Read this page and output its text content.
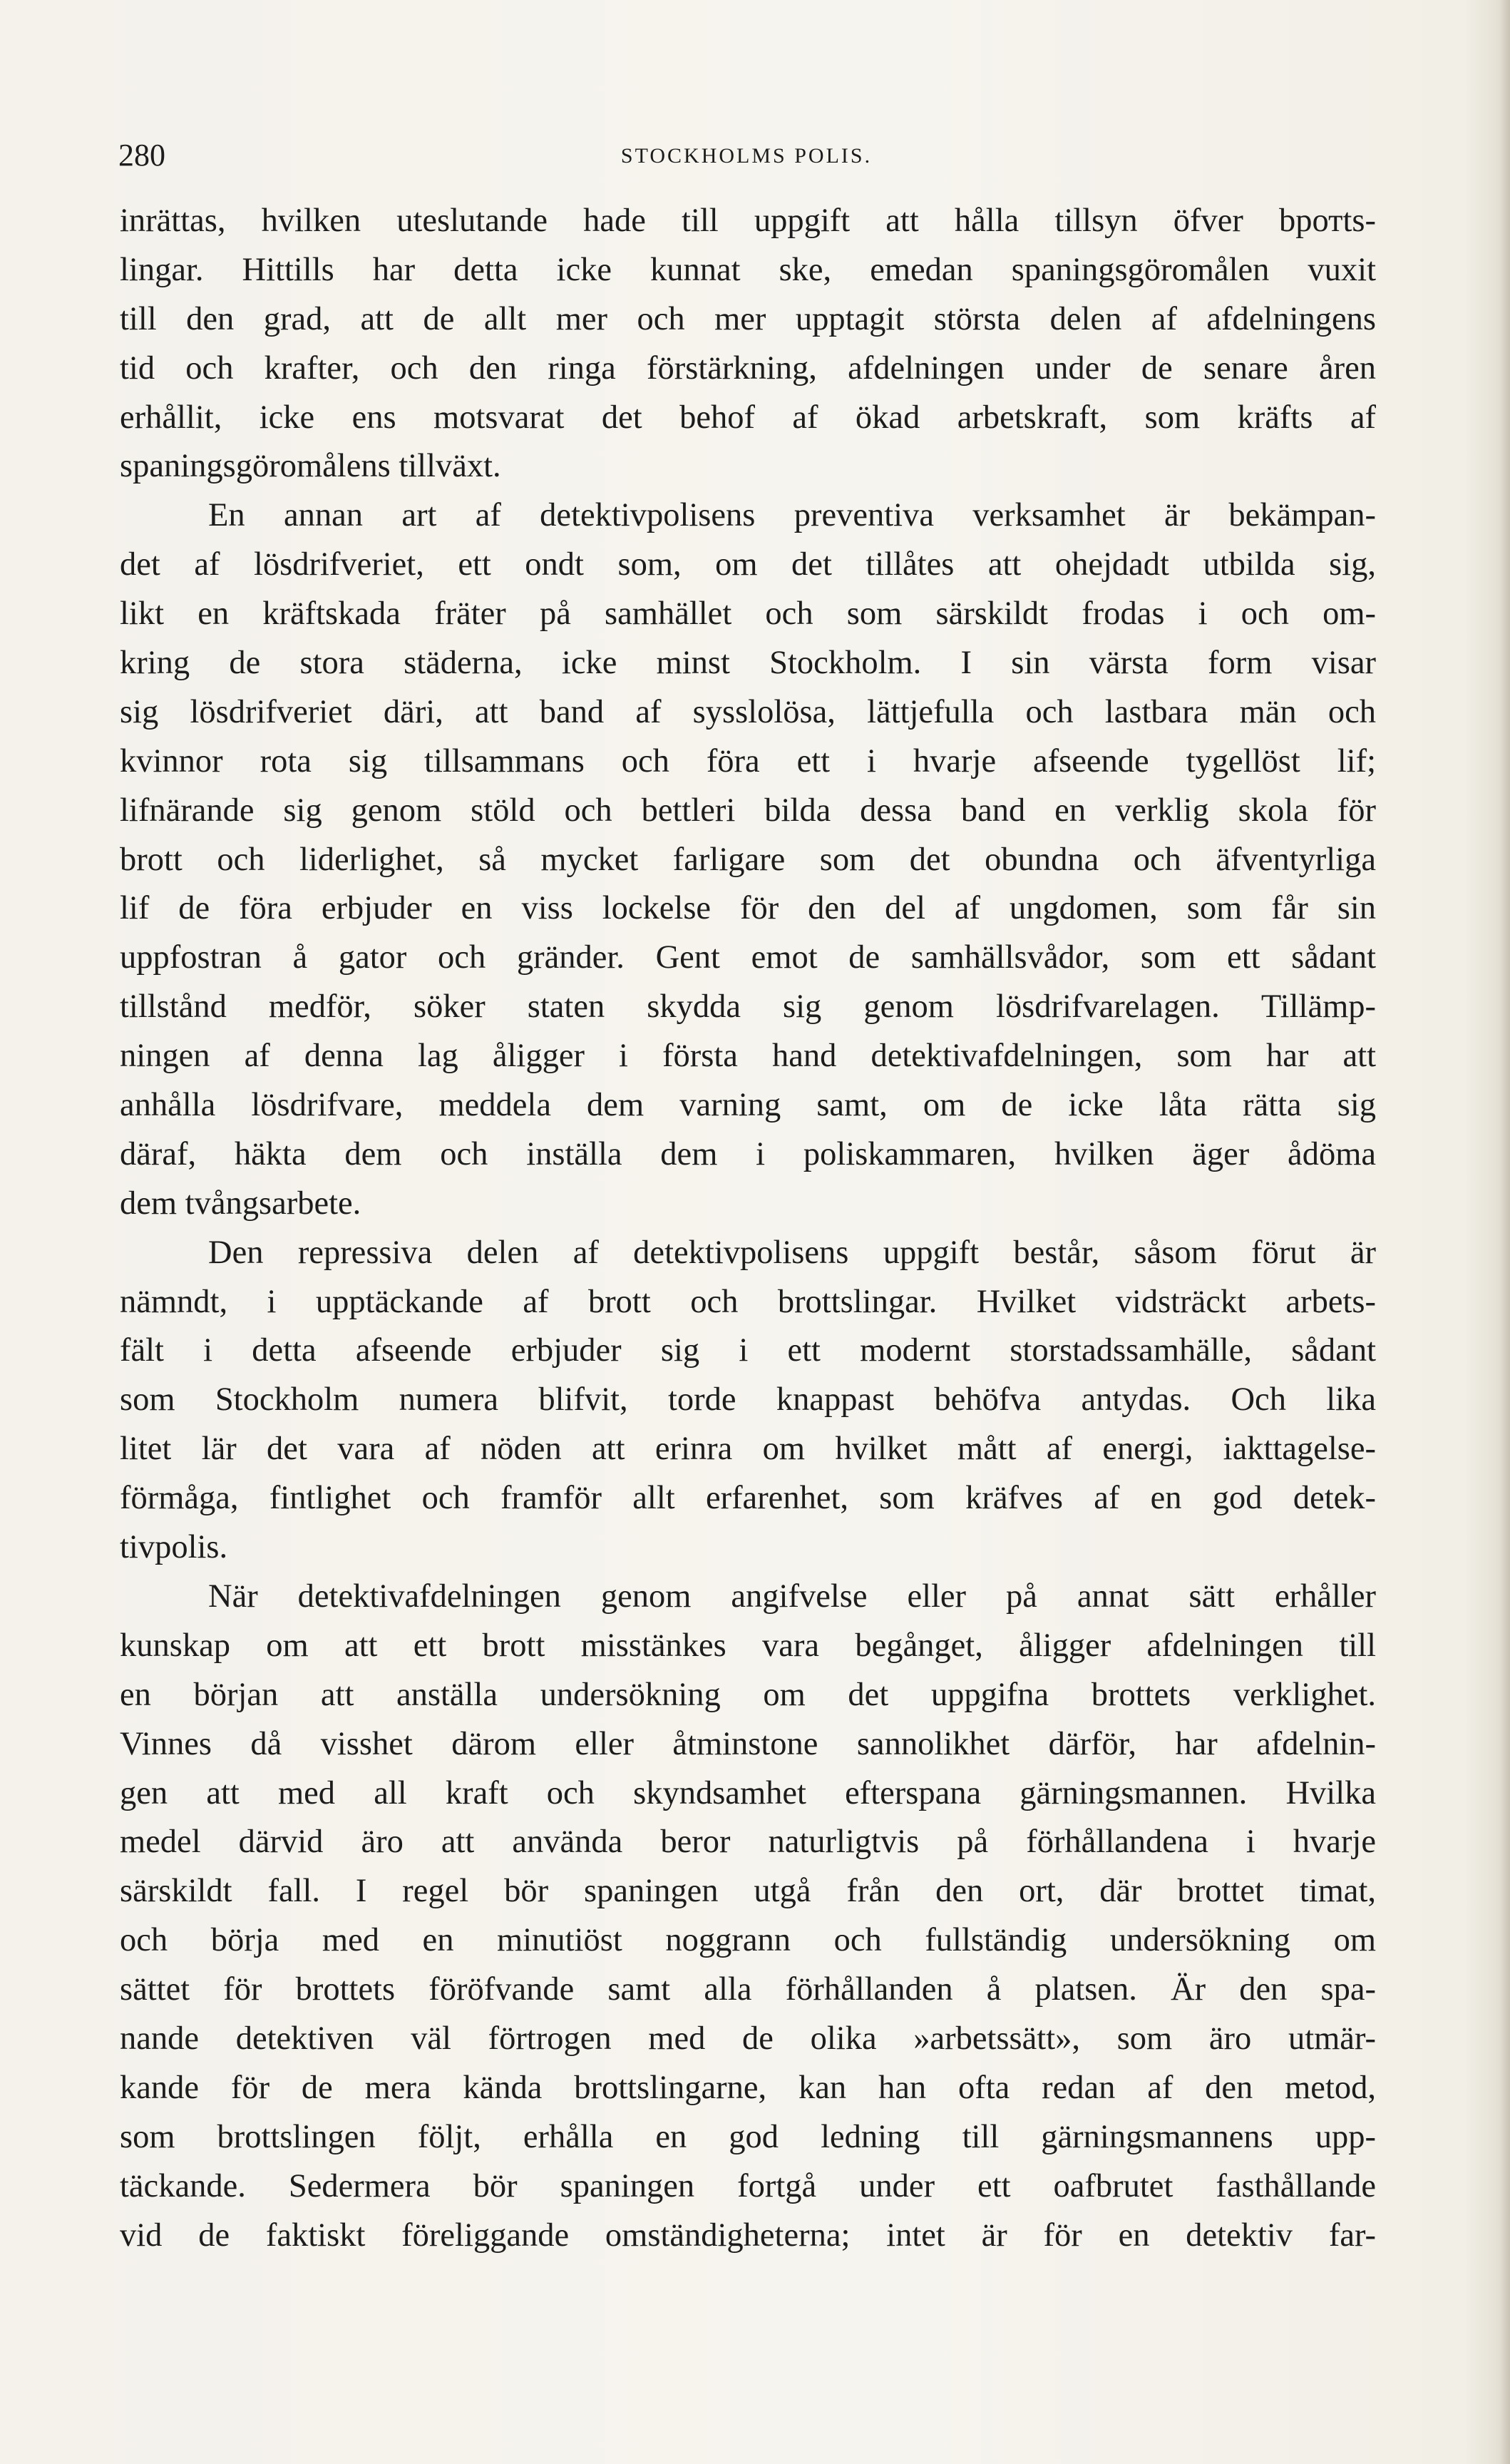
280	STOCKHOLMS POLIS.

inrättas, hvilken uteslutande hade till uppgift att hålla tillsyn öfver bротts-
lingar. Hittills har detta icke kunnat ske, emedan spaningsgöromålen vuxit
till den grad, att de allt mer och mer upptagit största delen af afdelningens
tid och krafter, och den ringa förstärkning, afdelningen under de senare åren
erhållit, icke ens motsvarat det behof af ökad arbetskraft, som kräfts af
spaningsgöromålens tillväxt.

En annan art af detektivpolisens preventiva verksamhet är bekämpan-
det af lösdrifveriet, ett ondt som, om det tillåtes att ohejdadt utbilda sig,
likt en kräftskada fräter på samhället och som särskildt frodas i och om-
kring de stora städerna, icke minst Stockholm. I sin värsta form visar
sig lösdrifveriet däri, att band af sysslolösa, lättjefulla och lastbara män och
kvinnor rota sig tillsammans och föra ett i hvarje afseende tygellöst lif;
lifnärande sig genom stöld och bettleri bilda dessa band en verklig skola för
brott och liderlighet, så mycket farligare som det obundna och äfventyrliga
lif de föra erbjuder en viss lockelse för den del af ungdomen, som får sin
uppfostran å gator och gränder. Gent emot de samhällsvådor, som ett sådant
tillstånd medför, söker staten skydda sig genom lösdrifvarelagen. Tillämp-
ningen af denna lag åligger i första hand detektivafdelningen, som har att
anhålla lösdrifvare, meddela dem varning samt, om de icke låta rätta sig
däraf, häkta dem och inställa dem i poliskammaren, hvilken äger ådöma
dem tvångsarbete.

Den repressiva delen af detektivpolisens uppgift består, såsom förut är
nämndt, i upptäckande af brott och brottslingar. Hvilket vidsträckt arbets-
fält i detta afseende erbjuder sig i ett modernt storstadssamhälle, sådant
som Stockholm numera blifvit, torde knappast behöfva antydas. Och lika
litet lär det vara af nöden att erinra om hvilket mått af energi, iakttagelse-
förmåga, fintlighet och framför allt erfarenhet, som kräfves af en god detek-
tivpolis.

När detektivafdelningen genom angifvelse eller på annat sätt erhåller
kunskap om att ett brott misstänkes vara begånget, åligger afdelningen till
en början att anställa undersökning om det uppgifna brottets verklighet.
Vinnes då visshet därom eller åtminstone sannolikhet därför, har afdelnin-
gen att med all kraft och skyndsamhet efterspana gärningsmannen. Hvilka
medel därvid äro att använda beror naturligtvis på förhållandena i hvarje
särskildt fall. I regel bör spaningen utgå från den ort, där brottet timat,
och börja med en minutiöst noggrann och fullständig undersökning om
sättet för brottets föröfvande samt alla förhållanden å platsen. Är den spa-
nande detektiven väl förtrogen med de olika »arbetssätt», som äro utmär-
kande för de mera kända brottslingarne, kan han ofta redan af den metod,
som brottslingen följt, erhålla en god ledning till gärningsmannens upp-
täckande. Sedermera bör spaningen fortgå under ett oafbrutet fasthållande
vid de faktiskt föreliggande omständigheterna; intet är för en detektiv far-
